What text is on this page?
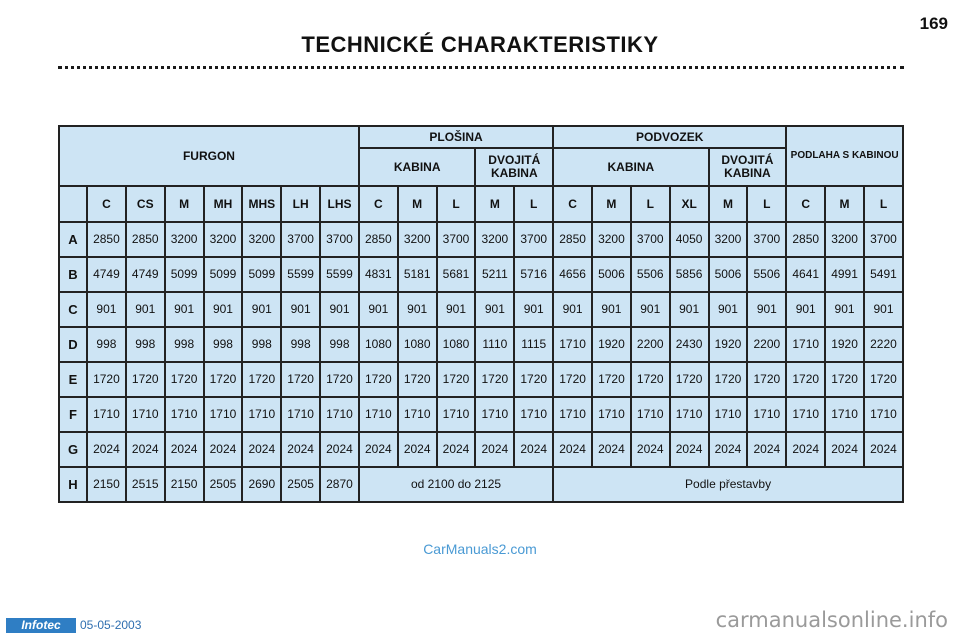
169
TECHNICKÉ CHARAKTERISTIKY
FURGON								PLOŠINA					PODVOZEK						PODLAHA S KABINOU		
								KABINA			DVOJITÁ KABINA		KABINA				DVOJITÁ KABINA				
	C	CS	M	MH	MHS	LH	LHS	C	M	L	M	L	C	M	L	XL	M	L	C	M	L
A	2850	2850	3200	3200	3200	3700	3700	2850	3200	3700	3200	3700	2850	3200	3700	4050	3200	3700	2850	3200	3700
B	4749	4749	5099	5099	5099	5599	5599	4831	5181	5681	5211	5716	4656	5006	5506	5856	5006	5506	4641	4991	5491
C	901	901	901	901	901	901	901	901	901	901	901	901	901	901	901	901	901	901	901	901	901
D	998	998	998	998	998	998	998	1080	1080	1080	1110	1115	1710	1920	2200	2430	1920	2200	1710	1920	2220
E	1720	1720	1720	1720	1720	1720	1720	1720	1720	1720	1720	1720	1720	1720	1720	1720	1720	1720	1720	1720	1720
F	1710	1710	1710	1710	1710	1710	1710	1710	1710	1710	1710	1710	1710	1710	1710	1710	1710	1710	1710	1710	1710
G	2024	2024	2024	2024	2024	2024	2024	2024	2024	2024	2024	2024	2024	2024	2024	2024	2024	2024	2024	2024	2024
H	2150	2515	2150	2505	2690	2505	2870	od 2100 do 2125					Podle přestavby								
CarManuals2.com
Infotec	05-05-2003	carmanualsonline.info
